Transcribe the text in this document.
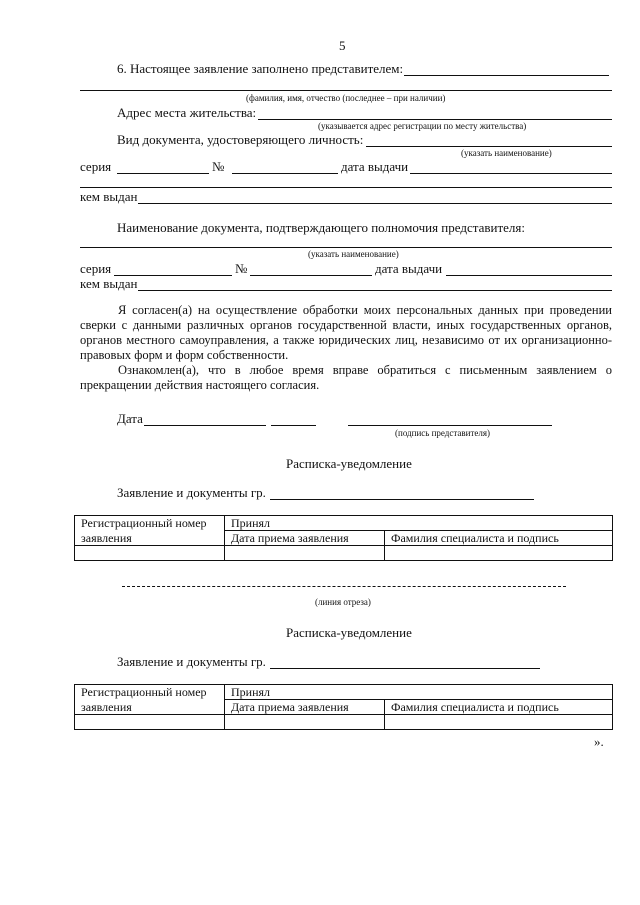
5
6. Настоящее заявление заполнено представителем:
(фамилия, имя, отчество (последнее – при наличии)
Адрес места жительства:
(указывается адрес регистрации по месту жительства)
Вид документа, удостоверяющего личность:
(указать наименование)
серия	№	дата выдачи
кем выдан
Наименование документа, подтверждающего полномочия представителя:
(указать наименование)
серия	№	дата выдачи
кем выдан

Я согласен(а) на осуществление обработки моих персональных данных при проведении сверки с данными различных органов государственной власти, иных государственных органов, органов местного самоуправления, а также юридических лиц, независимо от их организационно-правовых форм и форм собственности.

Ознакомлен(а), что в любое время вправе обратиться с письменным заявлением о прекращении действия настоящего согласия.

Дата
(подпись представителя)
Расписка-уведомление
Заявление и документы гр.
Регистрационный номер	Принял	
заявления	Дата приема заявления	Фамилия специалиста и подпись

(линия отреза)
Расписка-уведомление
Заявление и документы гр.
Регистрационный номер	Принял	
заявления	Дата приема заявления	Фамилия специалиста и подпись

».
